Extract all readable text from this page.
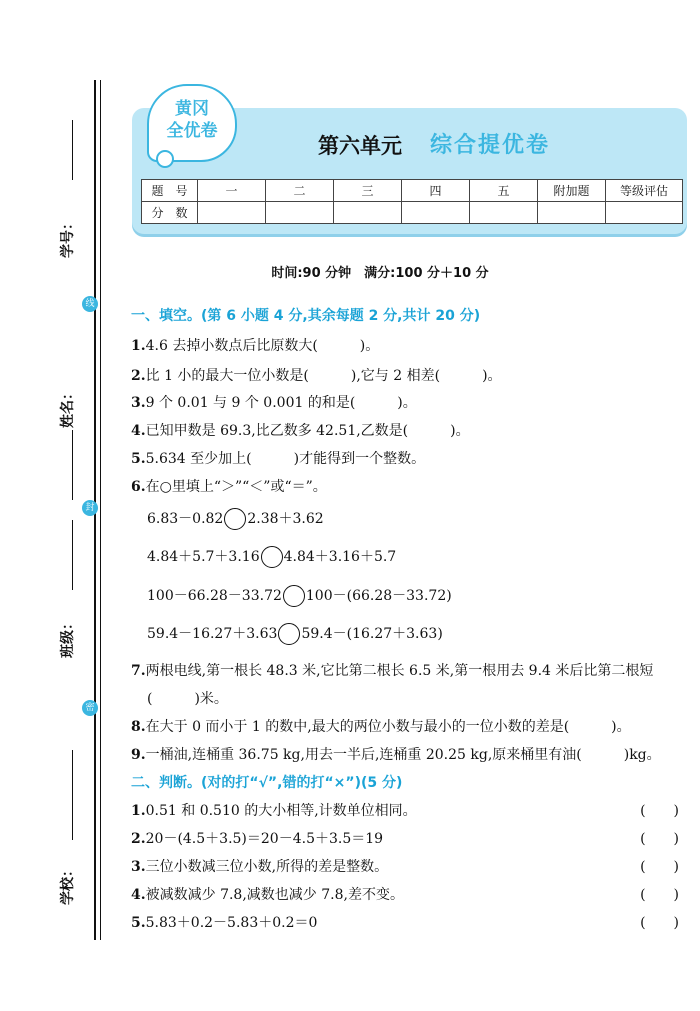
学号：
线
姓名：
封
班级：
密
学校：
黄冈
全优卷
第六单元 综合提优卷
题　号	一	二	三	四	五	附加题	等级评估
分　数							
时间:90 分钟　满分:100 分＋10 分
一、填空。(第 6 小题 4 分,其余每题 2 分,共计 20 分)
1.4.6 去掉小数点后比原数大(　　　)。
2.比 1 小的最大一位小数是(　　　),它与 2 相差(　　　)。
3.9 个 0.01 与 9 个 0.001 的和是(　　　)。
4.已知甲数是 69.3,比乙数多 42.51,乙数是(　　　)。
5.5.634 至少加上(　　　)才能得到一个整数。
6.在○里填上“＞”“＜”或“＝”。
6.83－0.82 2.38＋3.62
4.84＋5.7＋3.16 4.84＋3.16＋5.7
100－66.28－33.72 100－(66.28－33.72)
59.4－16.27＋3.63 59.4－(16.27＋3.63)
7.两根电线,第一根长 48.3 米,它比第二根长 6.5 米,第一根用去 9.4 米后比第二根短
(　　　)米。
8.在大于 0 而小于 1 的数中,最大的两位小数与最小的一位小数的差是(　　　)。
9.一桶油,连桶重 36.75 kg,用去一半后,连桶重 20.25 kg,原来桶里有油(　　　)kg。
二、判断。(对的打“√”,错的打“×”)(5 分)
1.0.51 和 0.510 的大小相等,计数单位相同。	(　　)
2.20－(4.5＋3.5)＝20－4.5＋3.5＝19	(　　)
3.三位小数减三位小数,所得的差是整数。	(　　)
4.被减数减少 7.8,减数也减少 7.8,差不变。	(　　)
5.5.83＋0.2－5.83＋0.2＝0	(　　)
